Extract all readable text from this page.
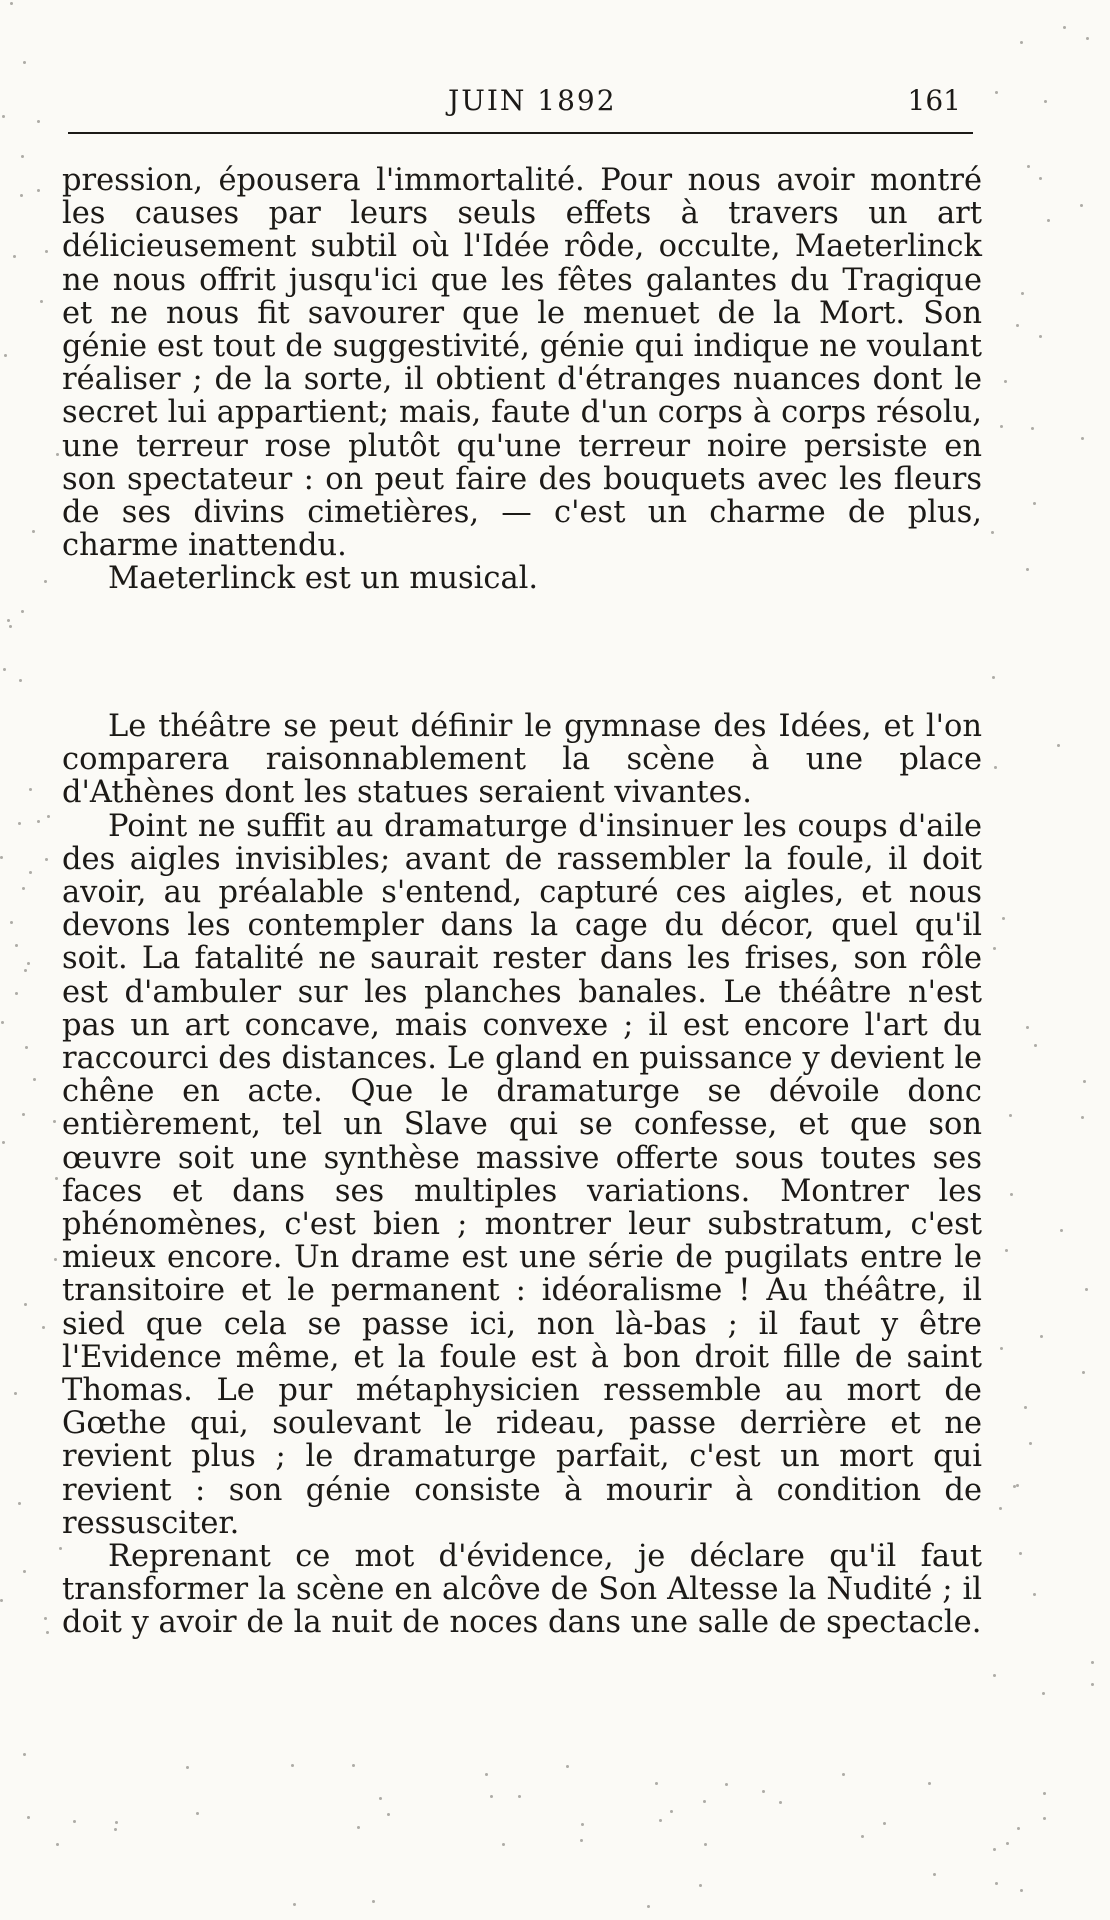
JUIN 1892	161

pression, épousera l'immortalité. Pour nous avoir montré les causes par leurs seuls effets à travers un art délicieusement subtil où l'Idée rôde, occulte, Maeterlinck ne nous offrit jusqu'ici que les fêtes galantes du Tragique et ne nous fit savourer que le menuet de la Mort. Son génie est tout de suggestivité, génie qui indique ne voulant réaliser ; de la sorte, il obtient d'étranges nuances dont le secret lui appartient; mais, faute d'un corps à corps résolu, une terreur rose plutôt qu'une terreur noire persiste en son spectateur : on peut faire des bouquets avec les fleurs de ses divins cimetières, — c'est un charme de plus, charme inattendu.

Maeterlinck est un musical.

Le théâtre se peut définir le gymnase des Idées, et l'on comparera raisonnablement la scène à une place d'Athènes dont les statues seraient vivantes.

Point ne suffit au dramaturge d'insinuer les coups d'aile des aigles invisibles; avant de rassembler la foule, il doit avoir, au préalable s'entend, capturé ces aigles, et nous devons les contempler dans la cage du décor, quel qu'il soit. La fatalité ne saurait rester dans les frises, son rôle est d'ambuler sur les planches banales. Le théâtre n'est pas un art concave, mais convexe ; il est encore l'art du raccourci des distances. Le gland en puissance y devient le chêne en acte. Que le dramaturge se dévoile donc entièrement, tel un Slave qui se confesse, et que son œuvre soit une synthèse massive offerte sous toutes ses faces et dans ses multiples variations. Montrer les phénomènes, c'est bien ; montrer leur substratum, c'est mieux encore. Un drame est une série de pugilats entre le transitoire et le permanent : idéoralisme ! Au théâtre, il sied que cela se passe ici, non là-bas ; il faut y être l'Evidence même, et la foule est à bon droit fille de saint Thomas. Le pur métaphysicien ressemble au mort de Gœthe qui, soulevant le rideau, passe derrière et ne revient plus ; le dramaturge parfait, c'est un mort qui revient : son génie consiste à mourir à condition de ressusciter.

Reprenant ce mot d'évidence, je déclare qu'il faut transformer la scène en alcôve de Son Altesse la Nudité ; il doit y avoir de la nuit de noces dans une salle de spectacle.
